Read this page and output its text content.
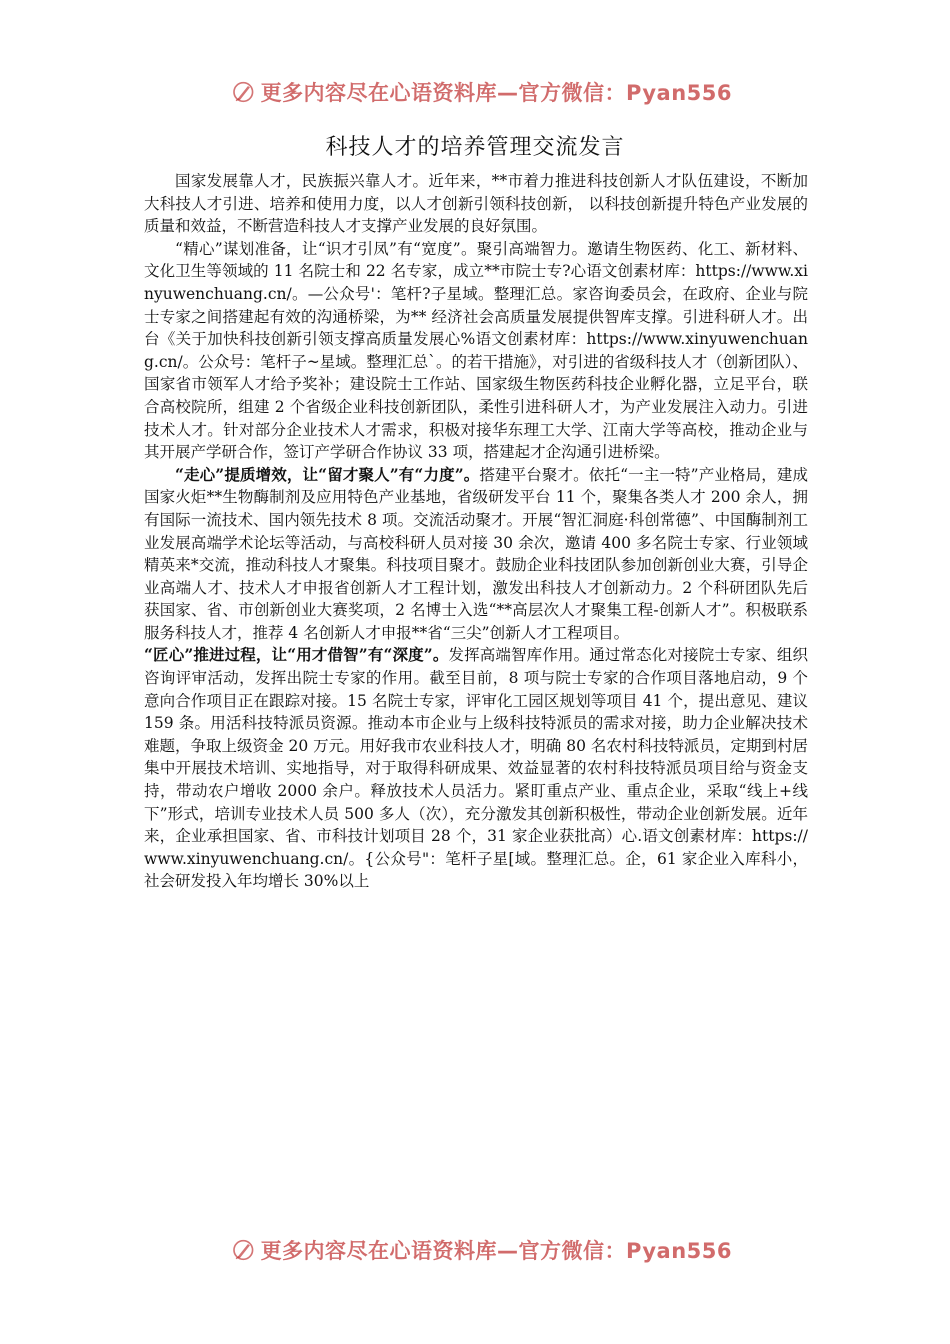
更多内容尽在心语资料库—官方微信：Pyan556
科技人才的培养管理交流发言

国家发展靠人才，民族振兴靠人才。近年来，**市着力推进科技创新人才队伍建设，不断加大科技人才引进、培养和使用力度，以人才创新引领科技创新， 以科技创新提升特色产业发展的质量和效益，不断营造科技人才支撑产业发展的良好氛围。

“精心”谋划准备，让“识才引凤”有“宽度”。聚引高端智力。邀请生物医药、化工、新材料、文化卫生等领域的 11 名院士和 22 名专家，成立**市院士专?心语文创素材库：https://www.xinyuwenchuang.cn/。—公众号'：笔杆?子星域。整理汇总。家咨询委员会，在政府、企业与院士专家之间搭建起有效的沟通桥梁，为** 经济社会高质量发展提供智库支撑。引进科研人才。出台《关于加快科技创新引领支撑高质量发展心%语文创素材库：https://www.xinyuwenchuang.cn/。公众号：笔杆子~星域。整理汇总`。的若干措施》，对引进的省级科技人才（创新团队）、国家省市领军人才给予奖补；建设院士工作站、国家级生物医药科技企业孵化器，立足平台，联合高校院所，组建 2 个省级企业科技创新团队，柔性引进科研人才，为产业发展注入动力。引进技术人才。针对部分企业技术人才需求，积极对接华东理工大学、江南大学等高校，推动企业与其开展产学研合作，签订产学研合作协议 33 项，搭建起才企沟通引进桥梁。

“走心”提质增效，让“留才聚人”有“力度”。搭建平台聚才。依托“一主一特”产业格局，建成国家火炬**生物酶制剂及应用特色产业基地，省级研发平台 11 个，聚集各类人才 200 余人，拥有国际一流技术、国内领先技术 8 项。交流活动聚才。开展“智汇洞庭·科创常德”、中国酶制剂工业发展高端学术论坛等活动，与高校科研人员对接 30 余次，邀请 400 多名院士专家、行业领域精英来*交流，推动科技人才聚集。科技项目聚才。鼓励企业科技团队参加创新创业大赛，引导企业高端人才、技术人才申报省创新人才工程计划，激发出科技人才创新动力。2 个科研团队先后获国家、省、市创新创业大赛奖项，2 名博士入选“**高层次人才聚集工程-创新人才”。积极联系服务科技人才，推荐 4 名创新人才申报**省“三尖”创新人才工程项目。

“匠心”推进过程，让“用才借智”有“深度”。发挥高端智库作用。通过常态化对接院士专家、组织咨询评审活动，发挥出院士专家的作用。截至目前，8 项与院士专家的合作项目落地启动，9 个意向合作项目正在跟踪对接。15 名院士专家，评审化工园区规划等项目 41 个，提出意见、建议 159 条。用活科技特派员资源。推动本市企业与上级科技特派员的需求对接，助力企业解决技术难题，争取上级资金 20 万元。用好我市农业科技人才，明确 80 名农村科技特派员，定期到村居集中开展技术培训、实地指导，对于取得科研成果、效益显著的农村科技特派员项目给与资金支持，带动农户增收 2000 余户。释放技术人员活力。紧盯重点产业、重点企业，采取“线上+线下”形式，培训专业技术人员 500 多人（次），充分激发其创新积极性，带动企业创新发展。近年来，企业承担国家、省、市科技计划项目 28 个，31 家企业获批高）心.语文创素材库：https://www.xinyuwenchuang.cn/。{公众号"：笔杆子星[域。整理汇总。企，61 家企业入库科小，社会研发投入年均增长 30%以上

更多内容尽在心语资料库—官方微信：Pyan556
